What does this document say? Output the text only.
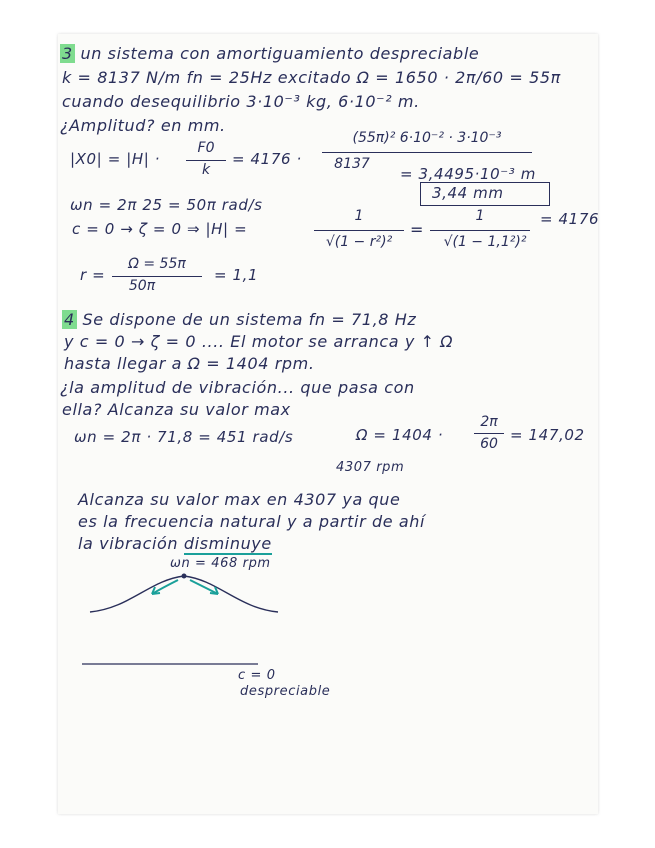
3 un sistema con amortiguamiento despreciable
k = 8137 N/m fn = 25Hz excitado Ω = 1650 · 2π/60 = 55π
cuando desequilibrio 3·10⁻³ kg, 6·10⁻² m.
¿Amplitud? en mm.
|X0| = |H| ·
F0
k
= 4176 ·
(55π)² 6·10⁻² · 3·10⁻³
8137
= 3,4495·10⁻³ m
3,44 mm
ωn = 2π 25 = 50π rad/s
c = 0 → ζ = 0 ⇒ |H| =
1
√(1 − r²)²
=
1
√(1 − 1,1²)²
= 4176
r =
Ω = 55π
50π
= 1,1
4 Se dispone de un sistema fn = 71,8 Hz
y c = 0 → ζ = 0 .... El motor se arranca y ↑ Ω
hasta llegar a Ω = 1404 rpm.
¿la amplitud de vibración... que pasa con
ella? Alcanza su valor max
ωn = 2π · 71,8 = 451 rad/s	Ω = 1404 ·
2π
60 = 147,02
4307 rpm
Alcanza su valor max en 4307 ya que
es la frecuencia natural y a partir de ahí
la vibración disminuye
ωn = 468 rpm
c = 0
despreciable
